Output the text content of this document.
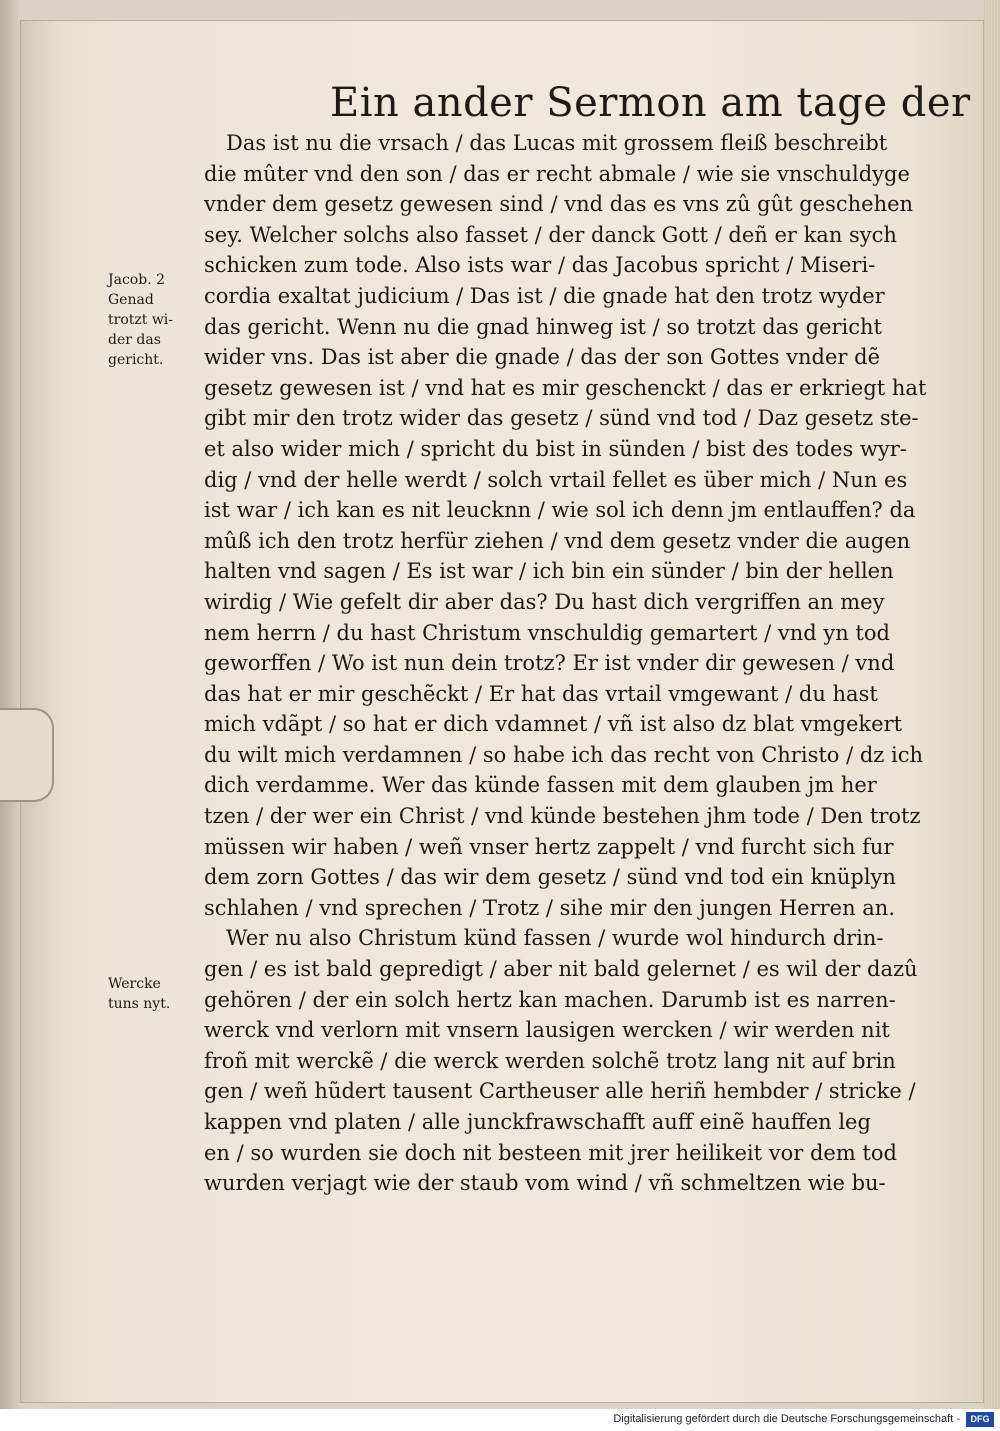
Ein ander Sermon am tage der
Jacob. 2
Genad
trotzt wi-
der das
gericht.
Wercke
tuns nyt.
Das ist nu die vrsach / das Lucas mit grossem fleiß beschreibt
die mûter vnd den son / das er recht abmale / wie sie vnschuldyge
vnder dem gesetz gewesen sind / vnd das es vns zû gût geschehen
sey. Welcher solchs also fasset / der danck Gott / deñ er kan sych
schicken zum tode. Also ists war / das Jacobus spricht / Miseri-
cordia exaltat judicium / Das ist / die gnade hat den trotz wyder
das gericht. Wenn nu die gnad hinweg ist / so trotzt das gericht
wider vns. Das ist aber die gnade / das der son Gottes vnder dẽ
gesetz gewesen ist / vnd hat es mir geschenckt / das er erkriegt hat
gibt mir den trotz wider das gesetz / sünd vnd tod / Daz gesetz ste-
et also wider mich / spricht du bist in sünden / bist des todes wyr-
dig / vnd der helle werdt / solch vrtail fellet es über mich / Nun es
ist war / ich kan es nit leucknn / wie sol ich denn jm entlauffen? da
mûß ich den trotz herfür ziehen / vnd dem gesetz vnder die augen
halten vnd sagen / Es ist war / ich bin ein sünder / bin der hellen
wirdig / Wie gefelt dir aber das? Du hast dich vergriffen an mey
nem herrn / du hast Christum vnschuldig gemartert / vnd yn tod
geworffen / Wo ist nun dein trotz? Er ist vnder dir gewesen / vnd
das hat er mir geschẽckt / Er hat das vrtail vmgewant / du hast
mich vdãpt / so hat er dich vdamnet / vñ ist also dz blat vmgekert
du wilt mich verdamnen / so habe ich das recht von Christo / dz ich
dich verdamme. Wer das künde fassen mit dem glauben jm her
tzen / der wer ein Christ / vnd künde bestehen jhm tode / Den trotz
müssen wir haben / weñ vnser hertz zappelt / vnd furcht sich fur
dem zorn Gottes / das wir dem gesetz / sünd vnd tod ein knüplyn
schlahen / vnd sprechen / Trotz / sihe mir den jungen Herren an.
Wer nu also Christum künd fassen / wurde wol hindurch drin-
gen / es ist bald gepredigt / aber nit bald gelernet / es wil der dazû
gehören / der ein solch hertz kan machen. Darumb ist es narren-
werck vnd verlorn mit vnsern lausigen wercken / wir werden nit
froñ mit werckẽ / die werck werden solchẽ trotz lang nit auf brin
gen / weñ hũdert tausent Cartheuser alle heriñ hembder / stricke /
kappen vnd platen / alle junckfrawschafft auff einẽ hauffen leg
en / so wurden sie doch nit besteen mit jrer heilikeit vor dem tod
wurden verjagt wie der staub vom wind / vñ schmeltzen wie bu-
Digitalisierung gefördert durch die Deutsche Forschungsgemeinschaft -	DFG
